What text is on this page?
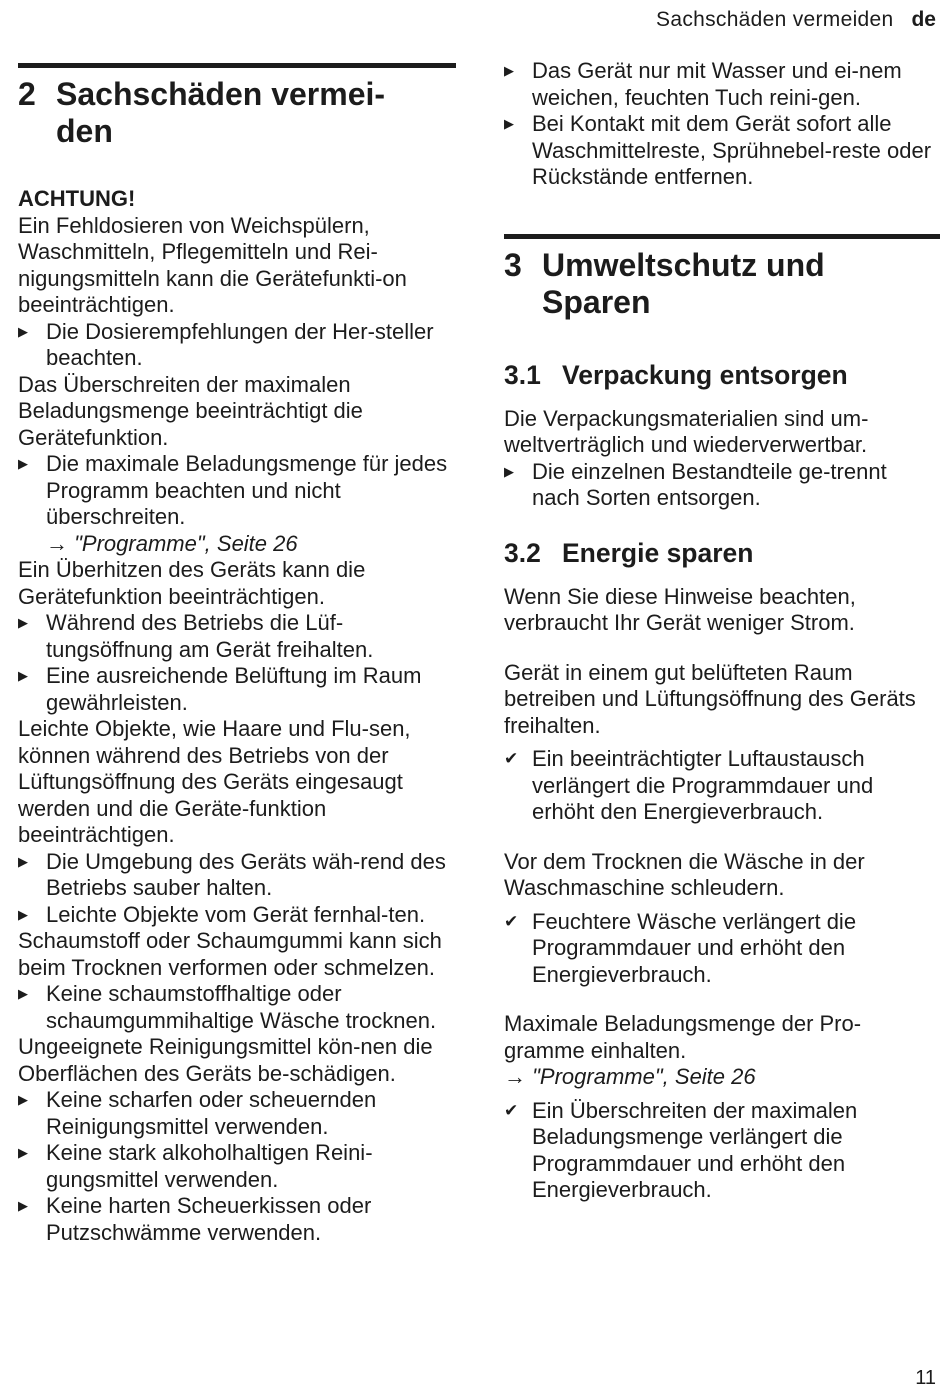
Sachschäden vermeiden de
2 Sachschäden vermei-
den

ACHTUNG!

Ein Fehldosieren von Weichspülern, Waschmitteln, Pflegemitteln und Rei-nigungsmitteln kann die Gerätefunkti-on beeinträchtigen.

▶ Die Dosierempfehlungen der Her-steller beachten.

Das Überschreiten der maximalen Beladungsmenge beeinträchtigt die Gerätefunktion.

▶ Die maximale Beladungsmenge für jedes Programm beachten und nicht überschreiten.

→ "Programme", Seite 26

Ein Überhitzen des Geräts kann die Gerätefunktion beeinträchtigen.

▶ Während des Betriebs die Lüf-tungsöffnung am Gerät freihalten.
▶ Eine ausreichende Belüftung im Raum gewährleisten.

Leichte Objekte, wie Haare und Flu-sen, können während des Betriebs von der Lüftungsöffnung des Geräts eingesaugt werden und die Geräte-funktion beeinträchtigen.

▶ Die Umgebung des Geräts wäh-rend des Betriebs sauber halten.
▶ Leichte Objekte vom Gerät fernhal-ten.

Schaumstoff oder Schaumgummi kann sich beim Trocknen verformen oder schmelzen.

▶ Keine schaumstoffhaltige oder schaumgummihaltige Wäsche trocknen.

Ungeeignete Reinigungsmittel kön-nen die Oberflächen des Geräts be-schädigen.

▶ Keine scharfen oder scheuernden Reinigungsmittel verwenden.
▶ Keine stark alkoholhaltigen Reini-gungsmittel verwenden.
▶ Keine harten Scheuerkissen oder Putzschwämme verwenden.
▶ Das Gerät nur mit Wasser und ei-nem weichen, feuchten Tuch reini-gen.
▶ Bei Kontakt mit dem Gerät sofort alle Waschmittelreste, Sprühnebel-reste oder Rückstände entfernen.
3 Umweltschutz und
Sparen
3.1 Verpackung entsorgen

Die Verpackungsmaterialien sind um-weltverträglich und wiederverwertbar.

▶ Die einzelnen Bestandteile ge-trennt nach Sorten entsorgen.
3.2 Energie sparen

Wenn Sie diese Hinweise beachten, verbraucht Ihr Gerät weniger Strom.

Gerät in einem gut belüfteten Raum betreiben und Lüftungsöffnung des Geräts freihalten.

✔ Ein beeinträchtigter Luftaustausch verlängert die Programmdauer und erhöht den Energieverbrauch.

Vor dem Trocknen die Wäsche in der Waschmaschine schleudern.

✔ Feuchtere Wäsche verlängert die Programmdauer und erhöht den Energieverbrauch.

Maximale Beladungsmenge der Pro-gramme einhalten.

→ "Programme", Seite 26

✔ Ein Überschreiten der maximalen Beladungsmenge verlängert die Programmdauer und erhöht den Energieverbrauch.
11
